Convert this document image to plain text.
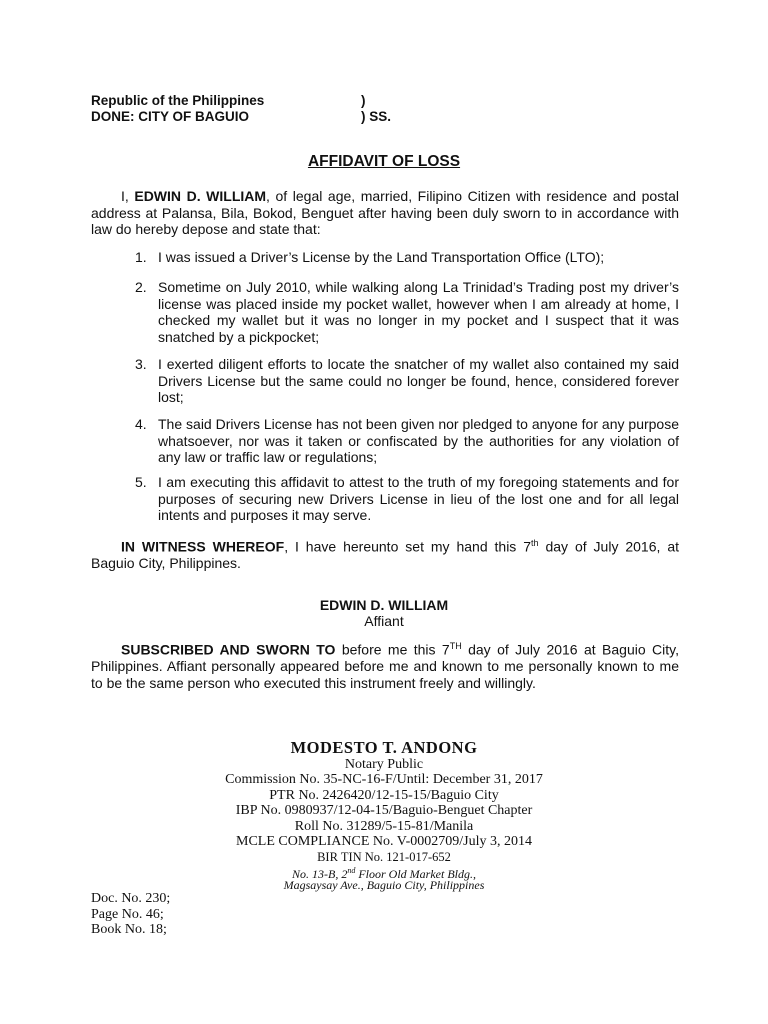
Republic of the Philippines	)
DONE: CITY OF BAGUIO	) SS.
AFFIDAVIT OF LOSS
I, EDWIN D. WILLIAM, of legal age, married, Filipino Citizen with residence and postal address at Palansa, Bila, Bokod, Benguet after having been duly sworn to in accordance with law do hereby depose and state that:
1. I was issued a Driver’s License by the Land Transportation Office (LTO);
2. Sometime on July 2010, while walking along La Trinidad’s Trading post my driver’s license was placed inside my pocket wallet, however when I am already at home, I checked my wallet but it was no longer in my pocket and I suspect that it was snatched by a pickpocket;
3. I exerted diligent efforts to locate the snatcher of my wallet also contained my said Drivers License but the same could no longer be found, hence, considered forever lost;
4. The said Drivers License has not been given nor pledged to anyone for any purpose whatsoever, nor was it taken or confiscated by the authorities for any violation of any law or traffic law or regulations;
5. I am executing this affidavit to attest to the truth of my foregoing statements and for purposes of securing new Drivers License in lieu of the lost one and for all legal intents and purposes it may serve.
IN WITNESS WHEREOF, I have hereunto set my hand this 7th day of July 2016, at Baguio City, Philippines.
EDWIN D. WILLIAM
Affiant
SUBSCRIBED AND SWORN TO before me this 7TH day of July 2016 at Baguio City, Philippines. Affiant personally appeared before me and known to me personally known to me to be the same person who executed this instrument freely and willingly.
MODESTO T. ANDONG
Notary Public
Commission No. 35-NC-16-F/Until: December 31, 2017
PTR No. 2426420/12-15-15/Baguio City
IBP No. 0980937/12-04-15/Baguio-Benguet Chapter
Roll No. 31289/5-15-81/Manila
MCLE COMPLIANCE No. V-0002709/July 3, 2014
BIR TIN No. 121-017-652
No. 13-B, 2nd Floor Old Market Bldg.,
Magsaysay Ave., Baguio City, Philippines
Doc. No. 230;
Page No. 46;
Book No. 18;
